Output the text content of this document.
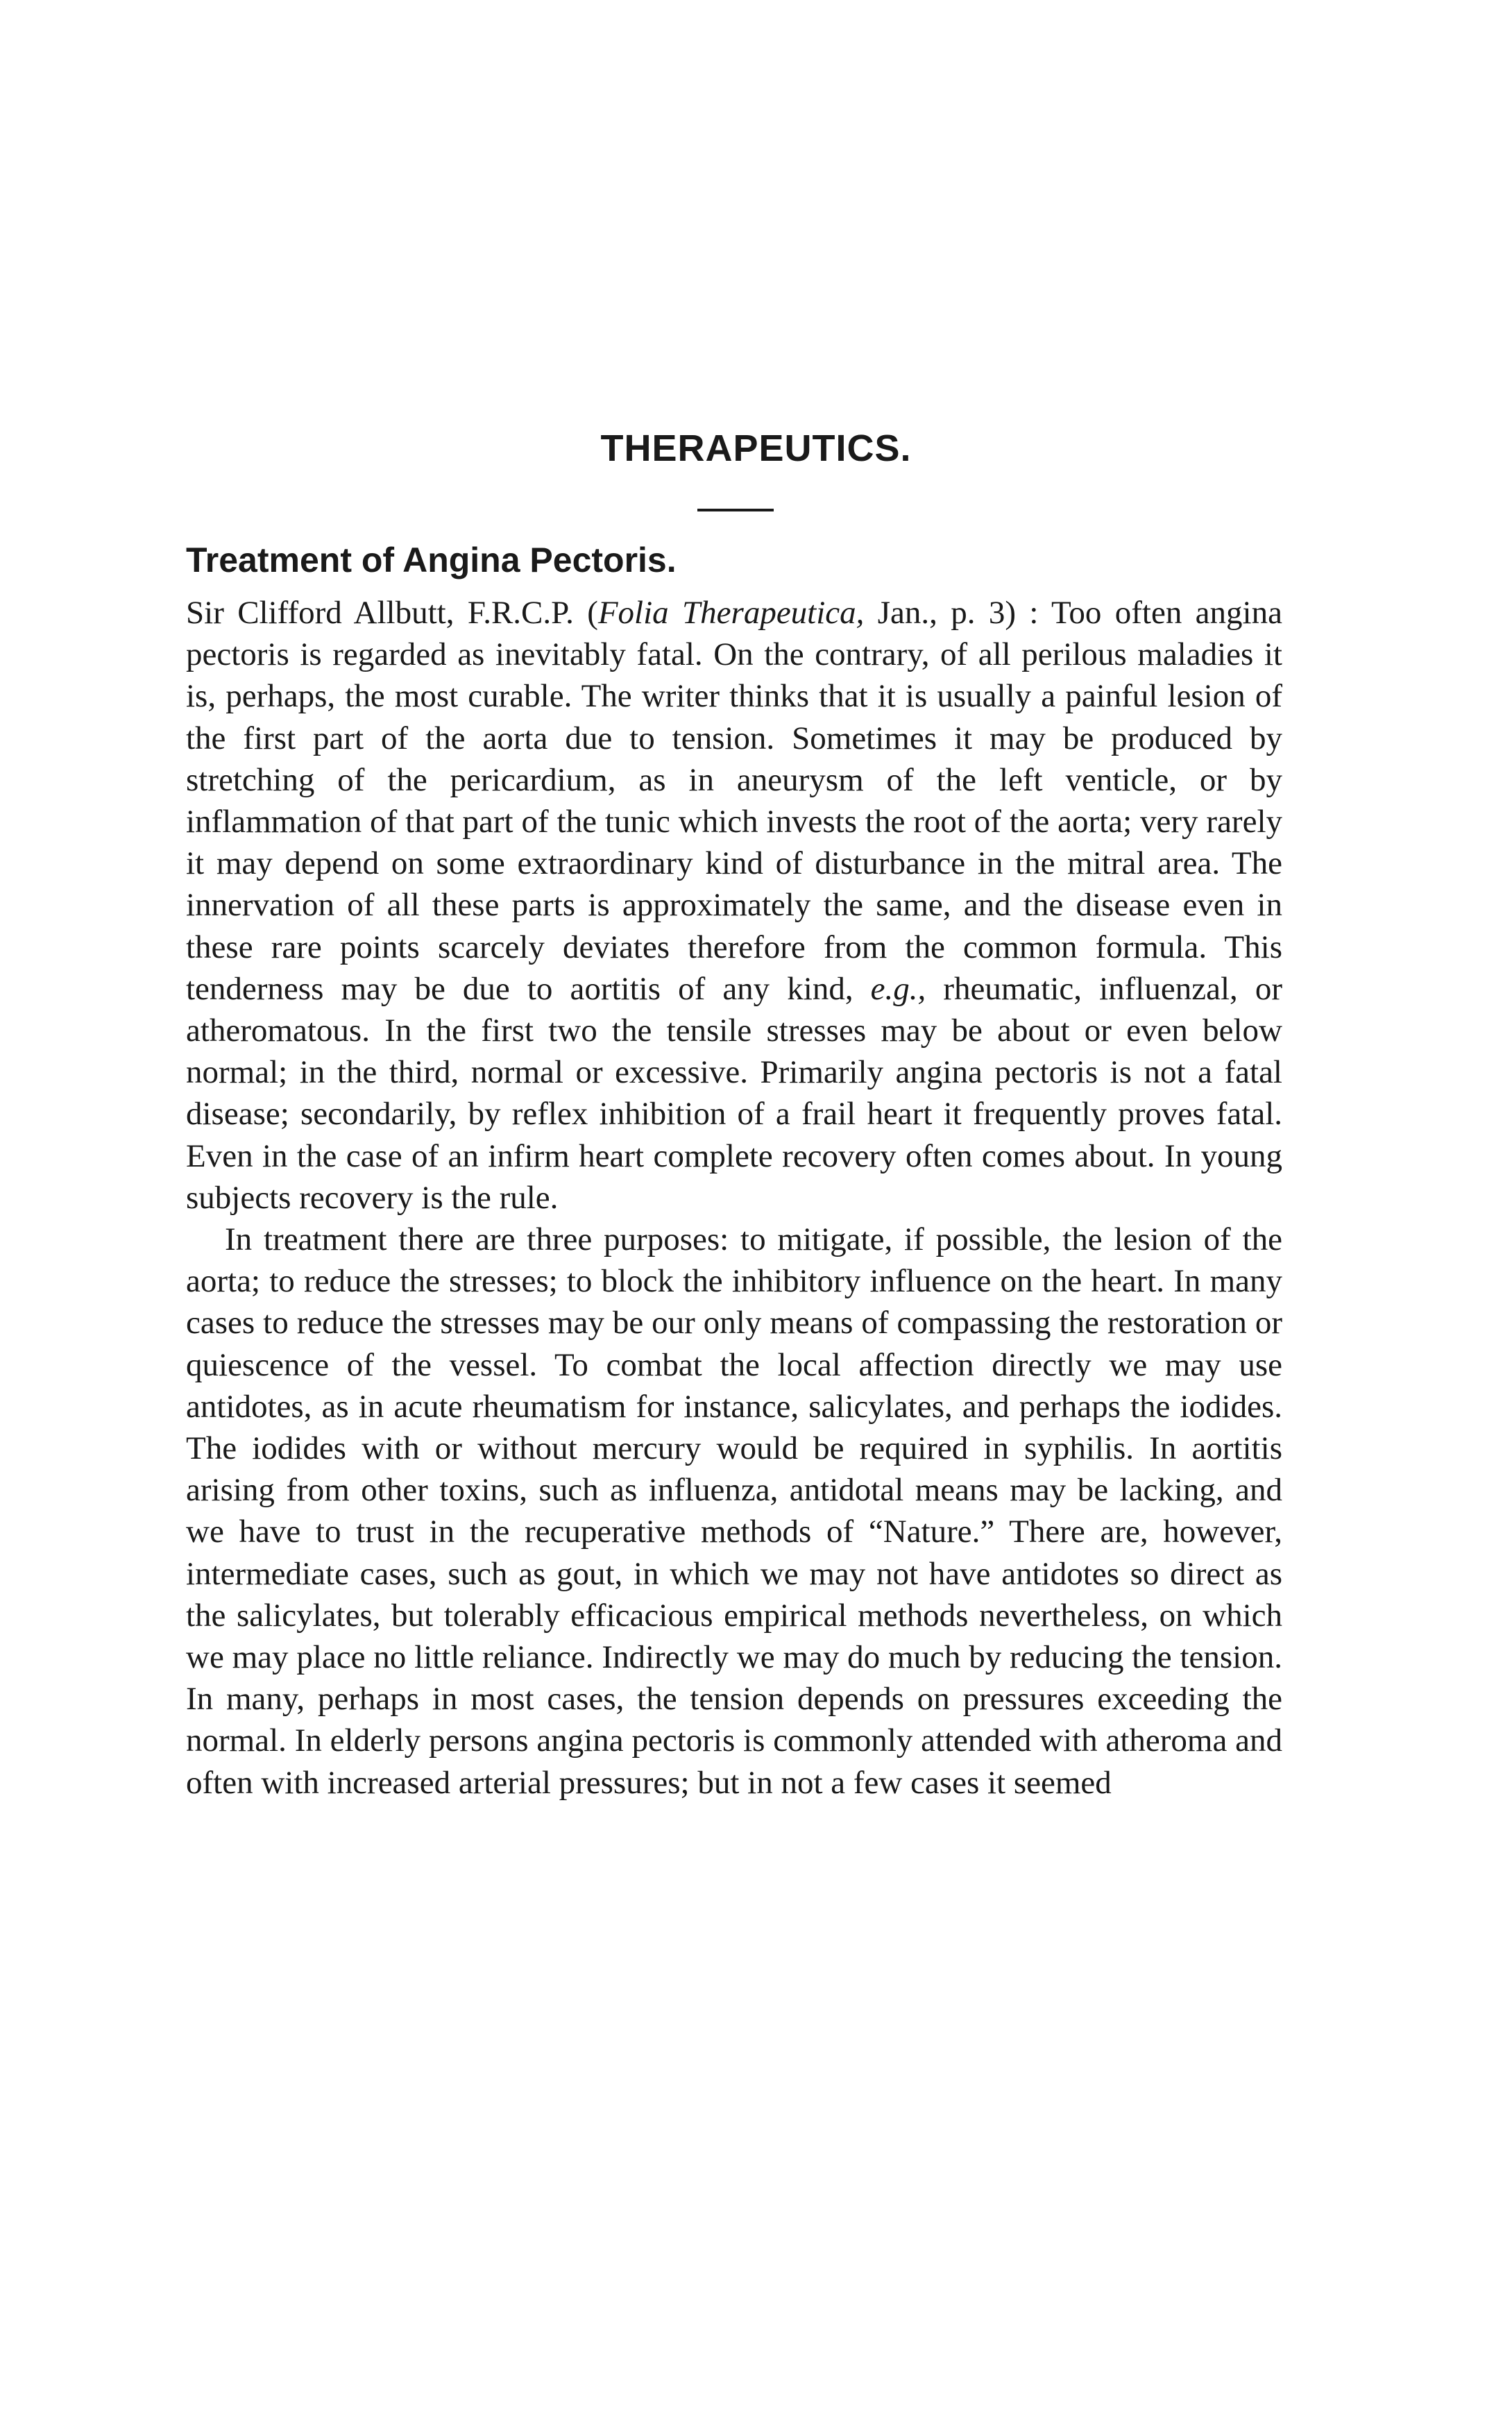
THERAPEUTICS.
Treatment of Angina Pectoris.

Sir Clifford Allbutt, F.R.C.P. (Folia Therapeutica, Jan., p. 3) : Too often angina pectoris is regarded as inevitably fatal. On the contrary, of all perilous maladies it is, perhaps, the most curable. The writer thinks that it is usually a painful lesion of the first part of the aorta due to tension. Sometimes it may be produced by stretching of the pericardium, as in aneurysm of the left venticle, or by inflammation of that part of the tunic which invests the root of the aorta; very rarely it may depend on some extraordinary kind of disturbance in the mitral area. The innervation of all these parts is approximately the same, and the disease even in these rare points scarcely deviates therefore from the common formula. This tenderness may be due to aortitis of any kind, e.g., rheumatic, influenzal, or atheromatous. In the first two the tensile stresses may be about or even below normal; in the third, normal or excessive. Primarily angina pectoris is not a fatal disease; secondarily, by reflex inhibition of a frail heart it frequently proves fatal. Even in the case of an infirm heart complete recovery often comes about. In young subjects recovery is the rule.

In treatment there are three purposes: to mitigate, if possible, the lesion of the aorta; to reduce the stresses; to block the inhibitory influence on the heart. In many cases to reduce the stresses may be our only means of compassing the restoration or quiescence of the vessel. To combat the local affection directly we may use antidotes, as in acute rheumatism for instance, salicylates, and perhaps the iodides. The iodides with or without mercury would be required in syphilis. In aortitis arising from other toxins, such as influenza, antidotal means may be lacking, and we have to trust in the recuperative methods of “Nature.” There are, however, intermediate cases, such as gout, in which we may not have antidotes so direct as the salicylates, but tolerably efficacious empirical methods nevertheless, on which we may place no little reliance. Indirectly we may do much by reducing the tension. In many, perhaps in most cases, the tension depends on pressures exceeding the normal. In elderly persons angina pectoris is commonly attended with atheroma and often with increased arterial pressures; but in not a few cases it seemed
